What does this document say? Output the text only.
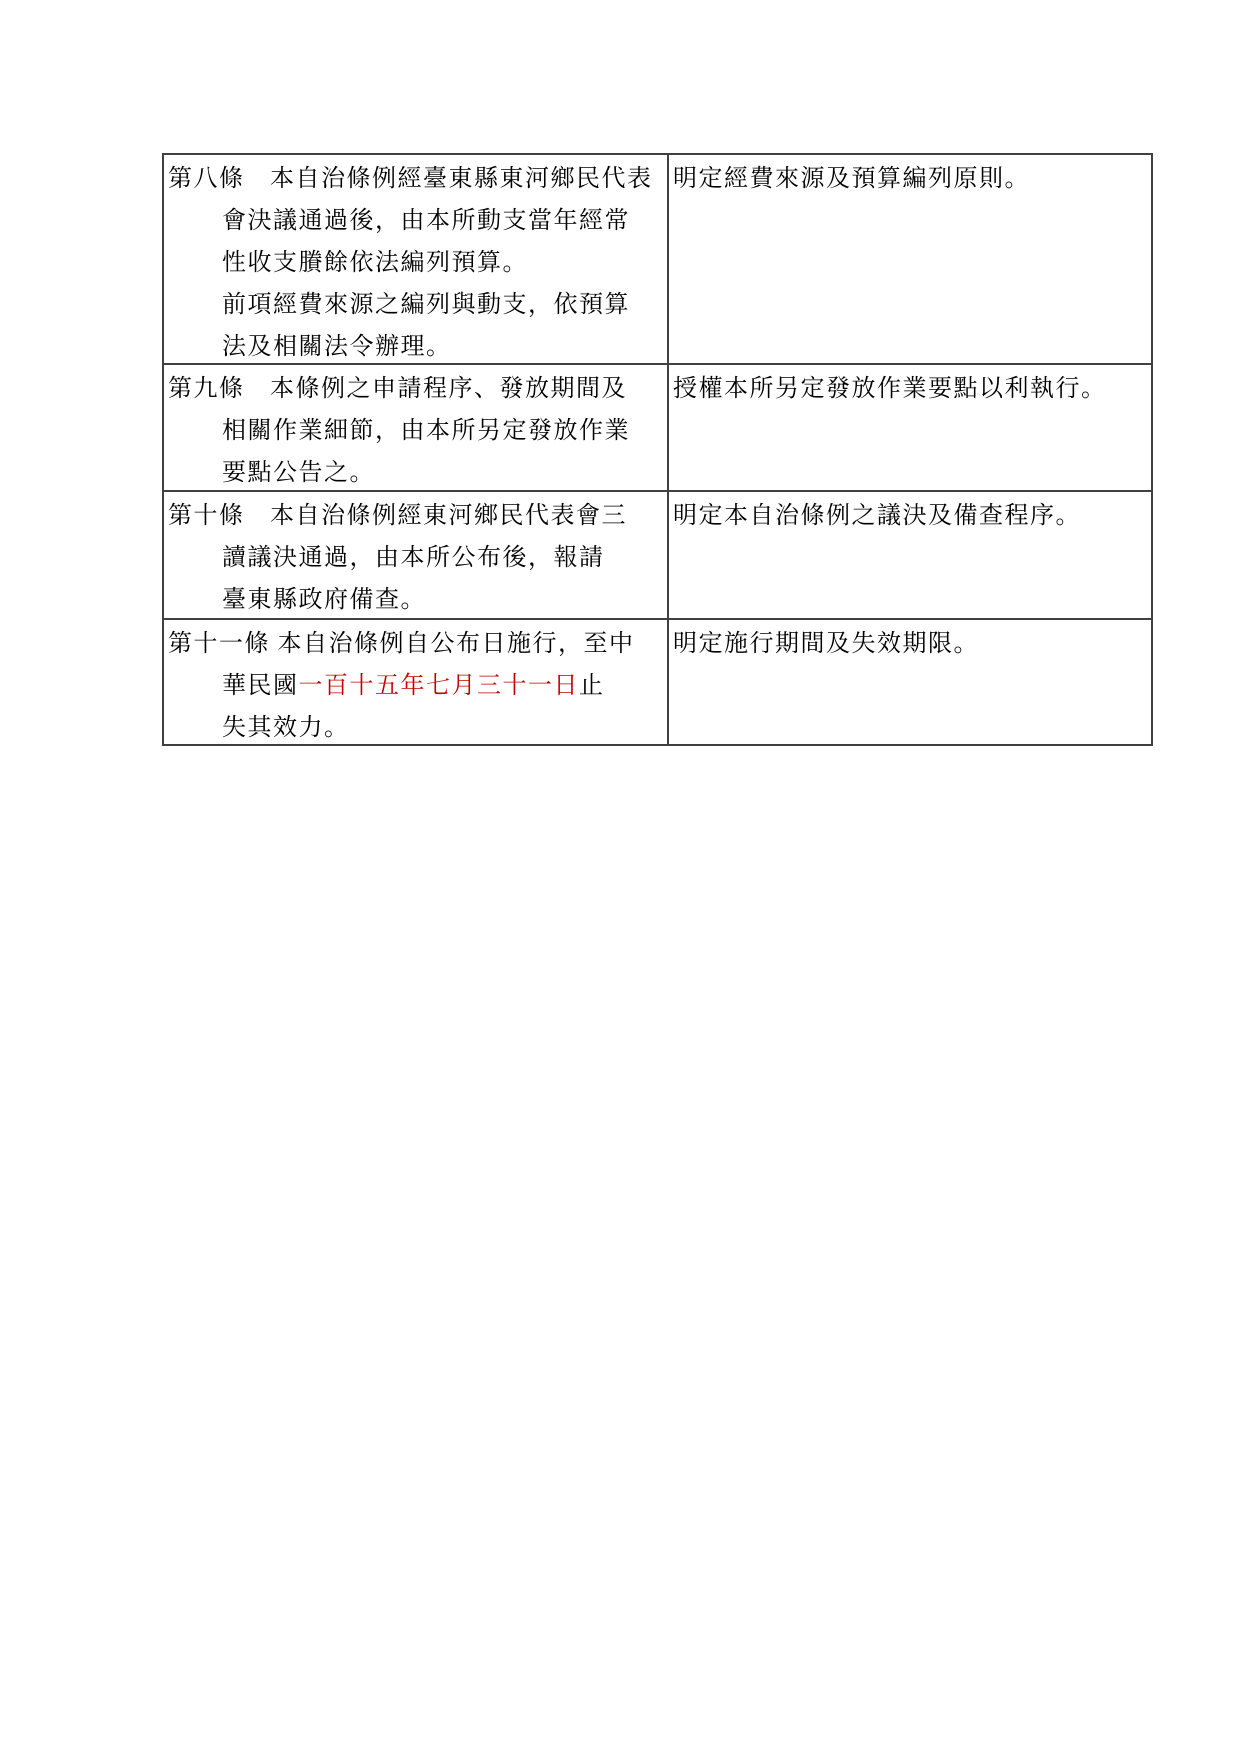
第八條　本自治條例經臺東縣東河鄉民代表
會決議通過後，由本所動支當年經常
性收支賸餘依法編列預算。
前項經費來源之編列與動支，依預算
法及相關法令辦理。
明定經費來源及預算編列原則。
第九條　本條例之申請程序、發放期間及
相關作業細節，由本所另定發放作業
要點公告之。
授權本所另定發放作業要點以利執行。
第十條　本自治條例經東河鄉民代表會三
讀議決通過，由本所公布後，報請
臺東縣政府備查。
明定本自治條例之議決及備查程序。
第十一條 本自治條例自公布日施行，至中
華民國一百十五年七月三十一日止
失其效力。
明定施行期間及失效期限。
